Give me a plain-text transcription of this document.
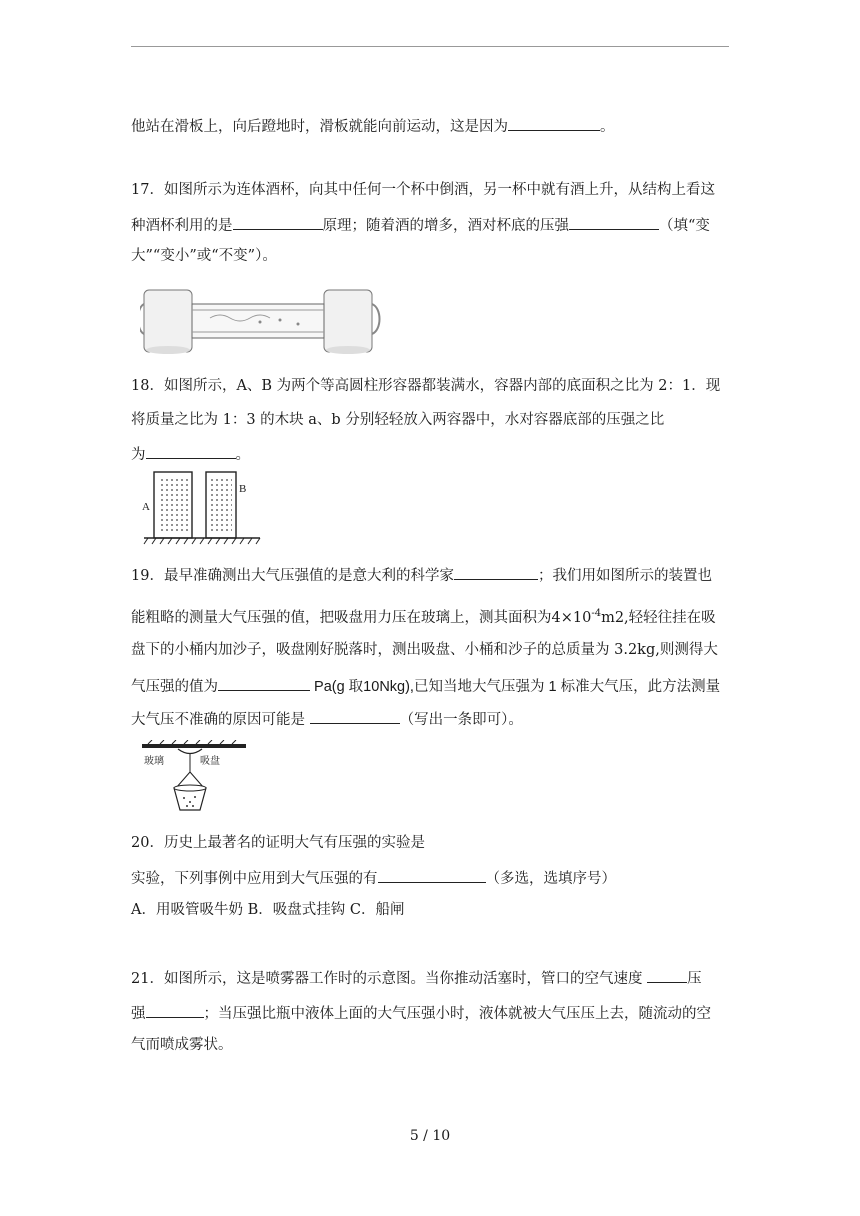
他站在滑板上，向后蹬地时，滑板就能向前运动，这是因为	。
17．如图所示为连体酒杯，向其中任何一个杯中倒酒，另一杯中就有酒上升，从结构上看这
种酒杯利用的是	原理；随着酒的增多，酒对杯底的压强	（填“变
大”“变小”或“不变”）。
18．如图所示，A、B 为两个等高圆柱形容器都装满水，容器内部的底面积之比为 2：1．现
将质量之比为 1：3 的木块 a、b 分别轻轻放入两容器中，水对容器底部的压强之比
为	。
A
B
19．最早准确测出大气压强值的是意大利的科学家	；我们用如图所示的装置也
能粗略的测量大气压强的值，把吸盘用力压在玻璃上，测其面积为$4\times 10^{-4}m2$,轻轻往挂在吸
盘下的小桶内加沙子，吸盘刚好脱落时，测出吸盘、小桶和沙子的总质量为 3.2kg,则测得大
气压强的值为	Pa(g 取10Nkg),已知当地大气压强为 1 标准大气压，此方法测量
大气压不准确的原因可能是	（写出一条即可）。
玻璃	吸盘
20．历史上最著名的证明大气有压强的实验是
实验，下列事例中应用到大气压强的有	（多选，选填序号）
A．用吸管吸牛奶 B．吸盘式挂钩 C．船闸
21．如图所示，这是喷雾器工作时的示意图。当你推动活塞时，管口的空气速度	压
强	；当压强比瓶中液体上面的大气压强小时，液体就被大气压压上去，随流动的空
气而喷成雾状。
5 / 10
